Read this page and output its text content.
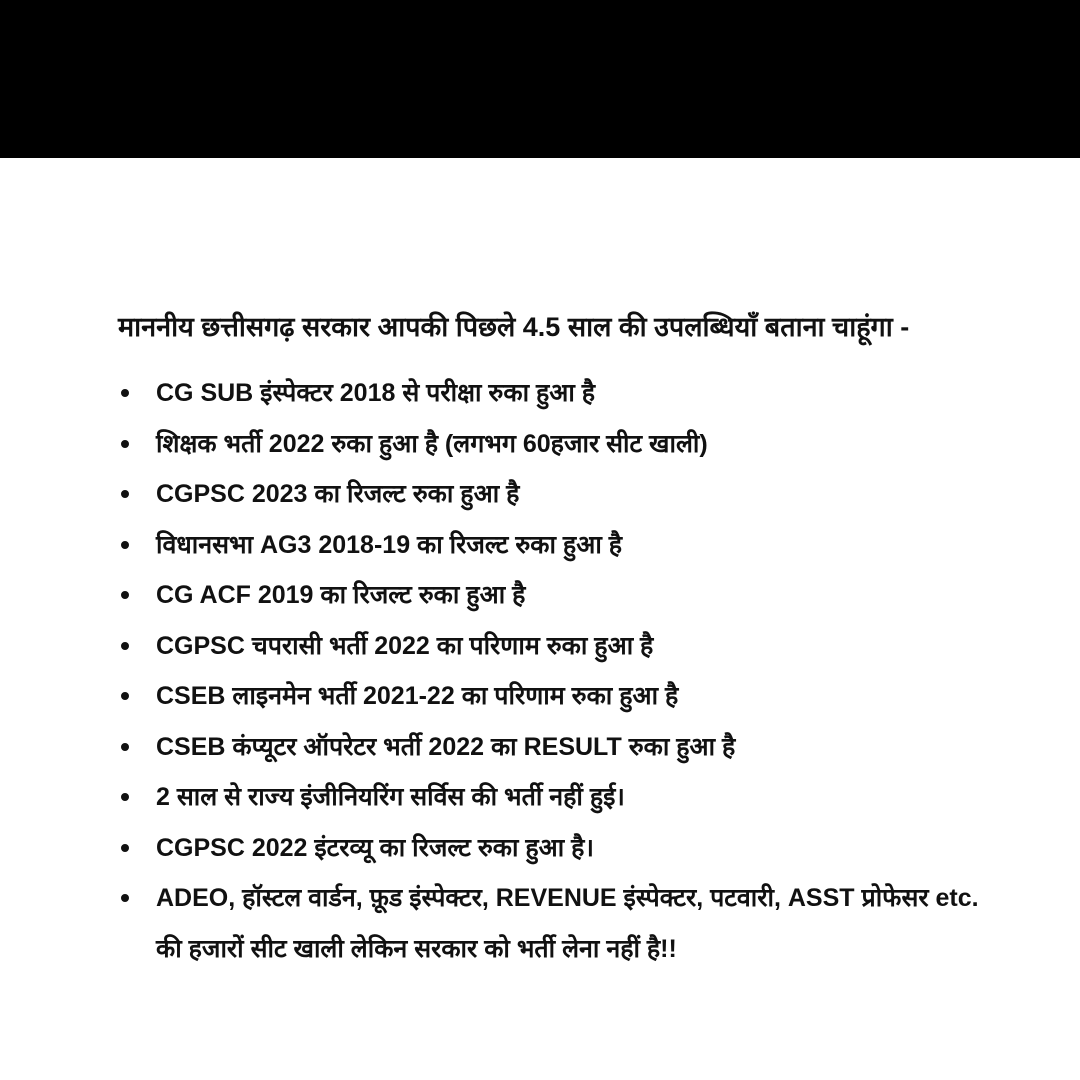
माननीय छत्तीसगढ़ सरकार आपकी पिछले 4.5 साल की उपलब्धियाँ बताना चाहूंगा -

CG SUB इंस्पेक्टर 2018 से परीक्षा रुका हुआ है
शिक्षक भर्ती 2022 रुका हुआ है (लगभग 60हजार सीट खाली)
CGPSC 2023 का रिजल्ट रुका हुआ है
विधानसभा AG3 2018-19 का रिजल्ट रुका हुआ है
CG ACF 2019 का रिजल्ट रुका हुआ है
CGPSC चपरासी भर्ती 2022 का परिणाम रुका हुआ है
CSEB लाइनमेन भर्ती 2021-22 का परिणाम रुका हुआ है
CSEB कंप्यूटर ऑपरेटर भर्ती 2022 का RESULT रुका हुआ है
2 साल से राज्य इंजीनियरिंग सर्विस की भर्ती नहीं हुई।
CGPSC 2022 इंटरव्यू का रिजल्ट रुका हुआ है।
ADEO, हॉस्टल वार्डन, फ़ूड इंस्पेक्टर, REVENUE इंस्पेक्टर, पटवारी, ASST प्रोफेसर etc. की हजारों सीट खाली लेकिन सरकार को भर्ती लेना नहीं है!!
